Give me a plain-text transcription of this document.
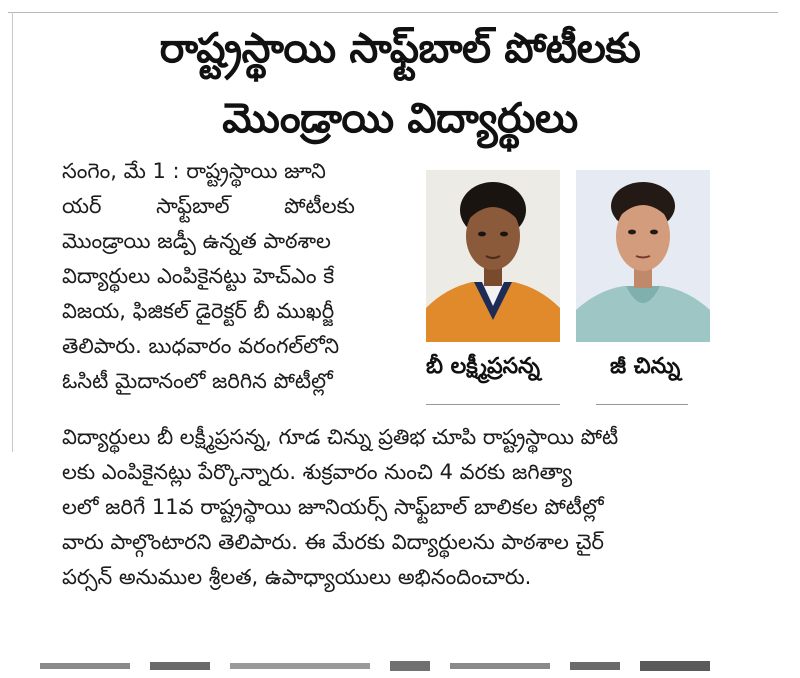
రాష్ట్రస్థాయి సాఫ్ట్‌బాల్ పోటీలకు
మొండ్రాయి విద్యార్థులు
సంగెం, మే 1 : రాష్ట్రస్థాయి జూని
యర్ సాఫ్ట్‌బాల్ పోటీలకు
మొండ్రాయి జడ్పీ ఉన్నత పాఠశాల
విద్యార్థులు ఎంపికైనట్టు హెచ్‌ఎం కే
విజయ, ఫిజికల్ డైరెక్టర్ బీ ముఖర్జీ
తెలిపారు. బుధవారం వరంగల్‌లోని
ఓసిటీ మైదానంలో జరిగిన పోటీల్లో
బీ లక్ష్మీప్రసన్న	జీ చిన్ను
విద్యార్థులు బీ లక్ష్మీప్రసన్న, గూడ చిన్ను ప్రతిభ చూపి రాష్ట్రస్థాయి పోటీ
లకు ఎంపికైనట్లు పేర్కొన్నారు. శుక్రవారం నుంచి 4 వరకు జగిత్యా
లలో జరిగే 11వ రాష్ట్రస్థాయి జూనియర్స్ సాఫ్ట్‌బాల్ బాలికల పోటీల్లో
వారు పాల్గొంటారని తెలిపారు. ఈ మేరకు విద్యార్థులను పాఠశాల చైర్
పర్సన్ అనుముల శ్రీలత, ఉపాధ్యాయులు అభినందించారు.
